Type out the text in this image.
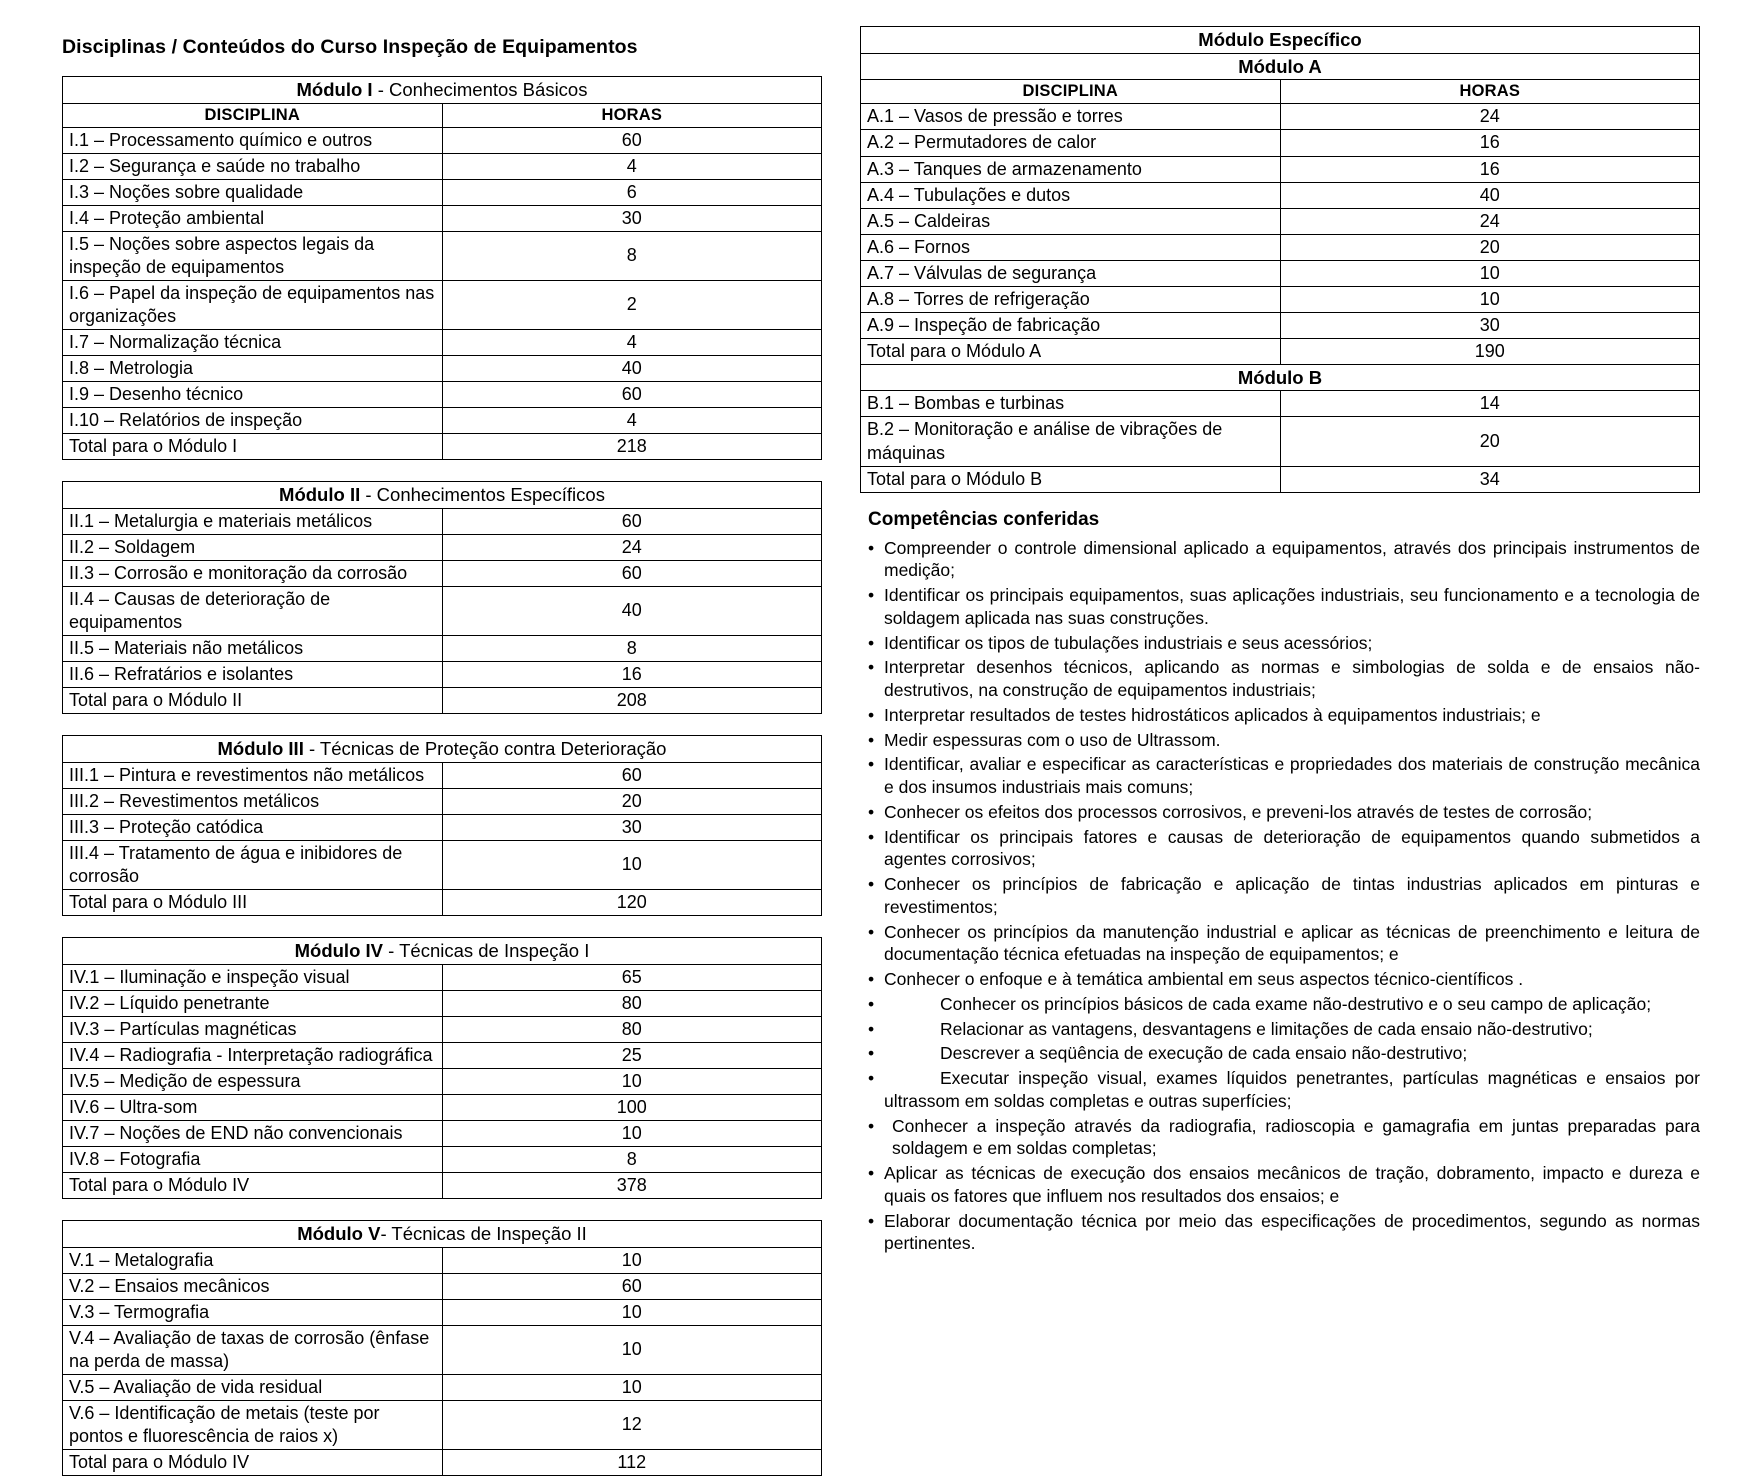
Disciplinas / Conteúdos do Curso Inspeção de Equipamentos
Módulo I - Conhecimentos Básicos	
DISCIPLINA	HORAS
I.1 – Processamento químico e outros	60
I.2 – Segurança e saúde no trabalho	4
I.3 – Noções sobre qualidade	6
I.4 – Proteção ambiental	30
I.5 – Noções sobre aspectos legais da inspeção de equipamentos	8
I.6 – Papel da inspeção de equipamentos nas organizações	2
I.7 – Normalização técnica	4
I.8 – Metrologia	40
I.9 – Desenho técnico	60
I.10 – Relatórios de inspeção	4
Total para o Módulo I	218
Módulo II - Conhecimentos Específicos	
II.1 – Metalurgia e materiais metálicos	60
II.2 – Soldagem	24
II.3 – Corrosão e monitoração da corrosão	60
II.4 – Causas de deterioração de equipamentos	40
II.5 – Materiais não metálicos	8
II.6 – Refratários e isolantes	16
Total para o Módulo II	208
Módulo III - Técnicas de Proteção contra Deterioração	
III.1 – Pintura e revestimentos não metálicos	60
III.2 – Revestimentos metálicos	20
III.3 – Proteção catódica	30
III.4 – Tratamento de água e inibidores de corrosão	10
Total para o Módulo III	120
Módulo IV - Técnicas de Inspeção I	
IV.1 – Iluminação e inspeção visual	65
IV.2 – Líquido penetrante	80
IV.3 – Partículas magnéticas	80
IV.4 – Radiografia - Interpretação radiográfica	25
IV.5 – Medição de espessura	10
IV.6 – Ultra-som	100
IV.7 – Noções de END não convencionais	10
IV.8 – Fotografia	8
Total para o Módulo IV	378
Módulo V- Técnicas de Inspeção II	
V.1 – Metalografia	10
V.2 – Ensaios mecânicos	60
V.3 – Termografia	10
V.4 – Avaliação de taxas de corrosão (ênfase na perda de massa)	10
V.5 – Avaliação de vida residual	10
V.6 – Identificação de metais (teste por pontos e fluorescência de raios x)	12
Total para o Módulo IV	112
Módulo Específico	
Módulo A	
DISCIPLINA	HORAS
A.1 – Vasos de pressão e torres	24
A.2 – Permutadores de calor	16
A.3 – Tanques de armazenamento	16
A.4 – Tubulações e dutos	40
A.5 – Caldeiras	24
A.6 – Fornos	20
A.7 – Válvulas de segurança	10
A.8 – Torres de refrigeração	10
A.9 – Inspeção de fabricação	30
Total para o Módulo A	190
Módulo B	
B.1 – Bombas e turbinas	14
B.2 – Monitoração e análise de vibrações de máquinas	20
Total para o Módulo B	34
Competências conferidas
• Compreender o controle dimensional aplicado a equipamentos, através dos principais instrumentos de medição;
• Identificar os principais equipamentos, suas aplicações industriais, seu funcionamento e a tecnologia de soldagem aplicada nas suas construções.
• Identificar os tipos de tubulações industriais e seus acessórios;
• Interpretar desenhos técnicos, aplicando as normas e simbologias de solda e de ensaios não-destrutivos, na construção de equipamentos industriais;
• Interpretar resultados de testes hidrostáticos aplicados à equipamentos industriais; e
• Medir espessuras com o uso de Ultrassom.
• Identificar, avaliar e especificar as características e propriedades dos materiais de construção mecânica e dos insumos industriais mais comuns;
• Conhecer os efeitos dos processos corrosivos, e preveni-los através de testes de corrosão;
• Identificar os principais fatores e causas de deterioração de equipamentos quando submetidos a agentes corrosivos;
• Conhecer os princípios de fabricação e aplicação de tintas industrias aplicados em pinturas e revestimentos;
• Conhecer os princípios da manutenção industrial e aplicar as técnicas de preenchimento e leitura de documentação técnica efetuadas na inspeção de equipamentos; e
• Conhecer o enfoque e à temática ambiental em seus aspectos técnico-científicos .
•	Conhecer os princípios básicos de cada exame não-destrutivo e o seu campo de aplicação;
•	Relacionar as vantagens, desvantagens e limitações de cada ensaio não-destrutivo;
•	Descrever a seqüência de execução de cada ensaio não-destrutivo;
•	Executar inspeção visual, exames líquidos penetrantes, partículas magnéticas e ensaios por ultrassom em soldas completas e outras superfícies;
• Conhecer a inspeção através da radiografia, radioscopia e gamagrafia em juntas preparadas para soldagem e em soldas completas;
• Aplicar as técnicas de execução dos ensaios mecânicos de tração, dobramento, impacto e dureza e quais os fatores que influem nos resultados dos ensaios; e
• Elaborar documentação técnica por meio das especificações de procedimentos, segundo as normas pertinentes.
